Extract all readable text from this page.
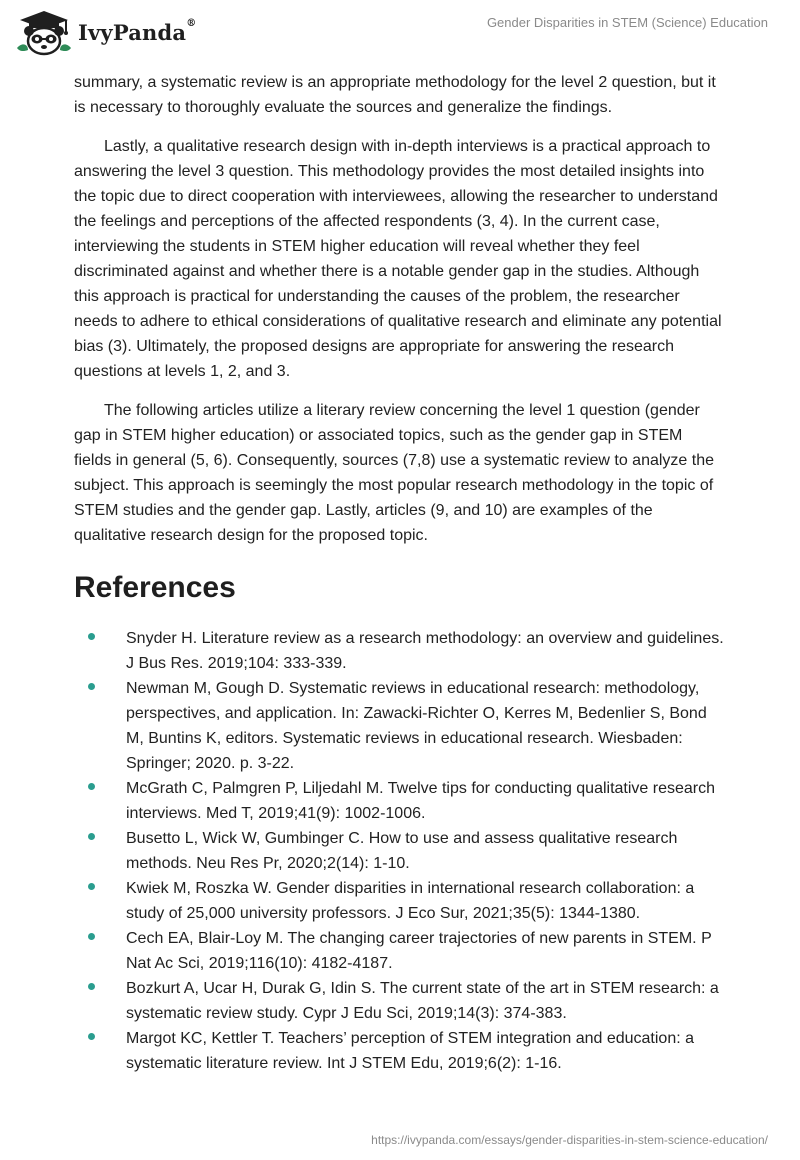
IvyPanda®	Gender Disparities in STEM (Science) Education

summary, a systematic review is an appropriate methodology for the level 2 question, but it is necessary to thoroughly evaluate the sources and generalize the findings.

Lastly, a qualitative research design with in-depth interviews is a practical approach to answering the level 3 question. This methodology provides the most detailed insights into the topic due to direct cooperation with interviewees, allowing the researcher to understand the feelings and perceptions of the affected respondents (3, 4). In the current case, interviewing the students in STEM higher education will reveal whether they feel discriminated against and whether there is a notable gender gap in the studies. Although this approach is practical for understanding the causes of the problem, the researcher needs to adhere to ethical considerations of qualitative research and eliminate any potential bias (3). Ultimately, the proposed designs are appropriate for answering the research questions at levels 1, 2, and 3.

The following articles utilize a literary review concerning the level 1 question (gender gap in STEM higher education) or associated topics, such as the gender gap in STEM fields in general (5, 6). Consequently, sources (7,8) use a systematic review to analyze the subject. This approach is seemingly the most popular research methodology in the topic of STEM studies and the gender gap. Lastly, articles (9, and 10) are examples of the qualitative research design for the proposed topic.

References
Snyder H. Literature review as a research methodology: an overview and guidelines. J Bus Res. 2019;104: 333-339.
Newman M, Gough D. Systematic reviews in educational research: methodology, perspectives, and application. In: Zawacki-Richter O, Kerres M, Bedenlier S, Bond M, Buntins K, editors. Systematic reviews in educational research. Wiesbaden: Springer; 2020. p. 3-22.
McGrath C, Palmgren P, Liljedahl M. Twelve tips for conducting qualitative research interviews. Med T, 2019;41(9): 1002-1006.
Busetto L, Wick W, Gumbinger C. How to use and assess qualitative research methods. Neu Res Pr, 2020;2(14): 1-10.
Kwiek M, Roszka W. Gender disparities in international research collaboration: a study of 25,000 university professors. J Eco Sur, 2021;35(5): 1344-1380.
Cech EA, Blair-Loy M. The changing career trajectories of new parents in STEM. P Nat Ac Sci, 2019;116(10): 4182-4187.
Bozkurt A, Ucar H, Durak G, Idin S. The current state of the art in STEM research: a systematic review study. Cypr J Edu Sci, 2019;14(3): 374-383.
Margot KC, Kettler T. Teachers’ perception of STEM integration and education: a systematic literature review. Int J STEM Edu, 2019;6(2): 1-16.
https://ivypanda.com/essays/gender-disparities-in-stem-science-education/
